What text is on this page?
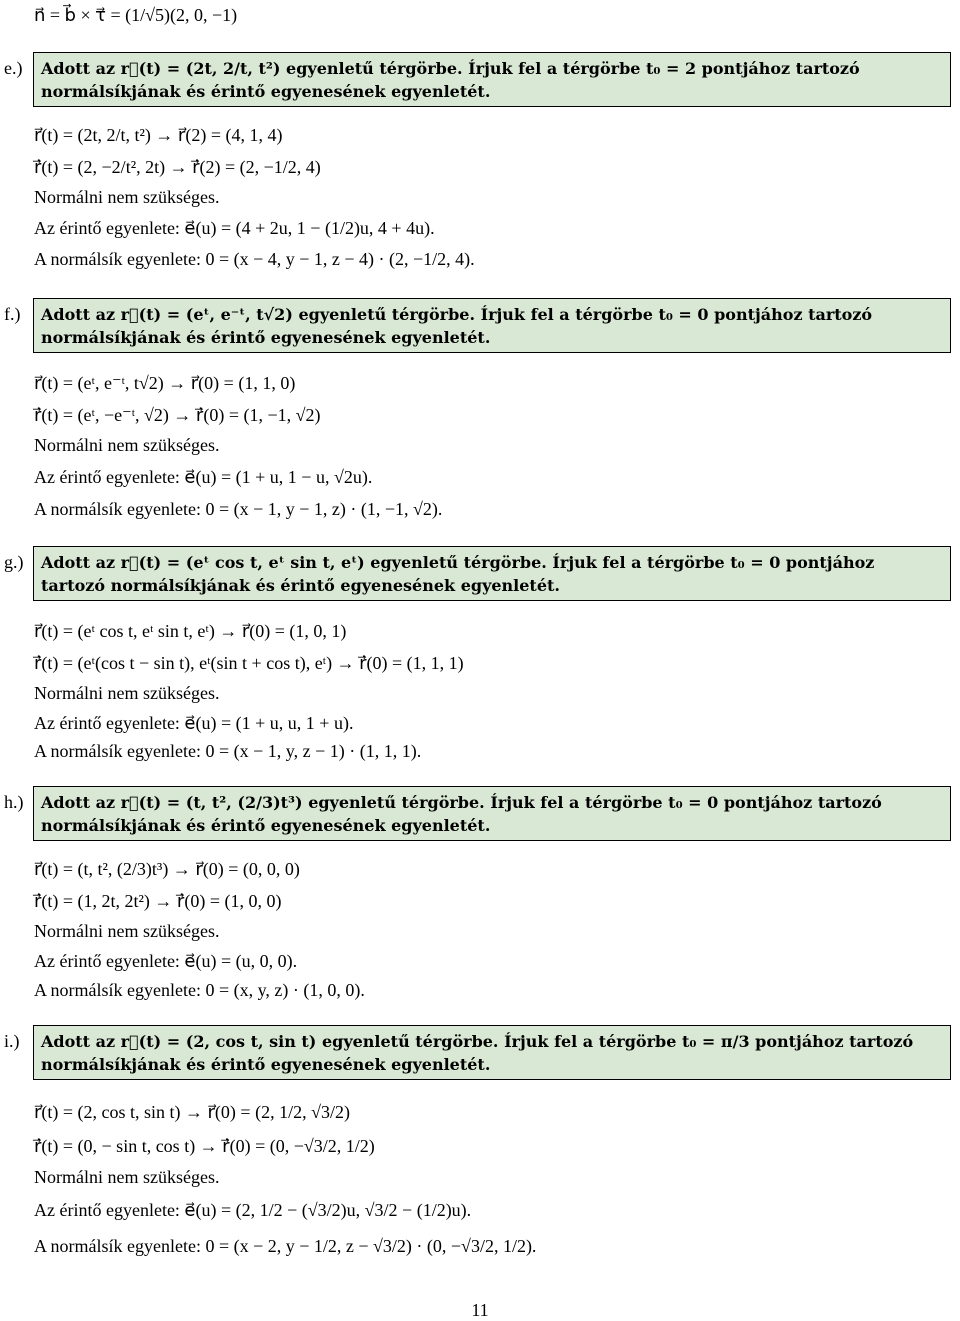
n⃗ = b⃗ × τ⃗ = (1/√5)(2, 0, −1)
e.) Adott az r⃗(t) = (2t, 2/t, t²) egyenletű térgörbe. Írjuk fel a térgörbe t₀ = 2 pontjához tartozó
normálsíkjának és érintő egyenesének egyenletét.
r⃗(t) = (2t, 2/t, t²) → r⃗(2) = (4, 1, 4)
ṙ⃗(t) = (2, −2/t², 2t) → ṙ⃗(2) = (2, −1/2, 4)
Normálni nem szükséges.
Az érintő egyenlete: e⃗(u) = (4 + 2u, 1 − (1/2)u, 4 + 4u).
A normálsík egyenlete: 0 = (x − 4, y − 1, z − 4) · (2, −1/2, 4).
f.) Adott az r⃗(t) = (eᵗ, e⁻ᵗ, t√2) egyenletű térgörbe. Írjuk fel a térgörbe t₀ = 0 pontjához tartozó
normálsíkjának és érintő egyenesének egyenletét.
r⃗(t) = (eᵗ, e⁻ᵗ, t√2) → r⃗(0) = (1, 1, 0)
ṙ⃗(t) = (eᵗ, −e⁻ᵗ, √2) → ṙ⃗(0) = (1, −1, √2)
Normálni nem szükséges.
Az érintő egyenlete: e⃗(u) = (1 + u, 1 − u, √2u).
A normálsík egyenlete: 0 = (x − 1, y − 1, z) · (1, −1, √2).
g.) Adott az r⃗(t) = (eᵗ cos t, eᵗ sin t, eᵗ) egyenletű térgörbe. Írjuk fel a térgörbe t₀ = 0 pontjához
tartozó normálsíkjának és érintő egyenesének egyenletét.
r⃗(t) = (eᵗ cos t, eᵗ sin t, eᵗ) → r⃗(0) = (1, 0, 1)
ṙ⃗(t) = (eᵗ(cos t − sin t), eᵗ(sin t + cos t), eᵗ) → ṙ⃗(0) = (1, 1, 1)
Normálni nem szükséges.
Az érintő egyenlete: e⃗(u) = (1 + u, u, 1 + u).
A normálsík egyenlete: 0 = (x − 1, y, z − 1) · (1, 1, 1).
h.) Adott az r⃗(t) = (t, t², (2/3)t³) egyenletű térgörbe. Írjuk fel a térgörbe t₀ = 0 pontjához tartozó
normálsíkjának és érintő egyenesének egyenletét.
r⃗(t) = (t, t², (2/3)t³) → r⃗(0) = (0, 0, 0)
ṙ⃗(t) = (1, 2t, 2t²) → ṙ⃗(0) = (1, 0, 0)
Normálni nem szükséges.
Az érintő egyenlete: e⃗(u) = (u, 0, 0).
A normálsík egyenlete: 0 = (x, y, z) · (1, 0, 0).
i.) Adott az r⃗(t) = (2, cos t, sin t) egyenletű térgörbe. Írjuk fel a térgörbe t₀ = π/3 pontjához tartozó
normálsíkjának és érintő egyenesének egyenletét.
r⃗(t) = (2, cos t, sin t) → r⃗(0) = (2, 1/2, √3/2)
ṙ⃗(t) = (0, − sin t, cos t) → ṙ⃗(0) = (0, −√3/2, 1/2)
Normálni nem szükséges.
Az érintő egyenlete: e⃗(u) = (2, 1/2 − (√3/2)u, √3/2 − (1/2)u).
A normálsík egyenlete: 0 = (x − 2, y − 1/2, z − √3/2) · (0, −√3/2, 1/2).
11
